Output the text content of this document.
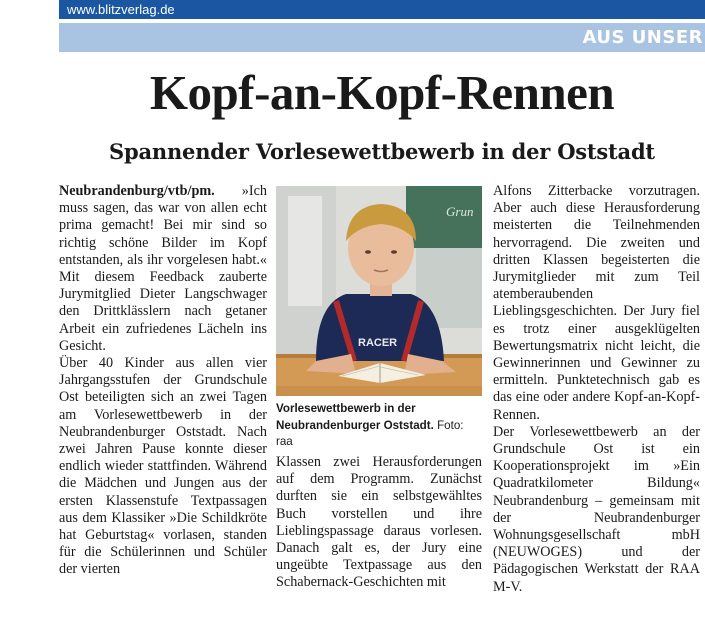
www.blitzverlag.de
AUS UNSER
Kopf-an-Kopf-Rennen
Spannender Vorlesewettbewerb in der Oststadt

Neubrandenburg/vtb/pm. »Ich muss sagen, das war von allen echt prima gemacht! Bei mir sind so richtig schöne Bilder im Kopf entstanden, als ihr vorgelesen habt.« Mit diesem Feedback zauberte Jurymitglied Dieter Langschwager den Drittklässlern nach getaner Arbeit ein zufriedenes Lächeln ins Gesicht.

Über 40 Kinder aus allen vier Jahrgangsstufen der Grundschule Ost beteiligten sich an zwei Tagen am Vorlesewettbewerb in der Neubrandenburger Oststadt. Nach zwei Jahren Pause konnte dieser endlich wieder stattfinden. Während die Mädchen und Jungen aus der ersten Klassenstufe Textpassagen aus dem Klassiker »Die Schildkröte hat Geburtstag« vorlasen, standen für die Schülerinnen und Schüler der vierten

Grun
RACER
Vorlesewettbewerb in der Neubrandenburger Oststadt. Foto: raa

Klassen zwei Herausforderungen auf dem Programm. Zunächst durften sie ein selbstgewähltes Buch vorstellen und ihre Lieblingspassage daraus vorlesen. Danach galt es, der Jury eine ungeübte Textpassage aus den Schabernack-Geschichten mit

Alfons Zitterbacke vorzutragen. Aber auch diese Herausforderung meisterten die Teilnehmenden hervorragend. Die zweiten und dritten Klassen begeisterten die Jurymitglieder mit zum Teil atemberaubenden Lieblingsgeschichten. Der Jury fiel es trotz einer ausgeklügelten Bewertungsmatrix nicht leicht, die Gewinnerinnen und Gewinner zu ermitteln. Punktetechnisch gab es das eine oder andere Kopf-an-Kopf-Rennen.

Der Vorlesewettbewerb an der Grundschule Ost ist ein Kooperationsprojekt im »Ein Quadratkilometer Bildung« Neubrandenburg – gemeinsam mit der Neubrandenburger Wohnungsgesellschaft mbH (NEUWOGES) und der Pädagogischen Werkstatt der RAA M-V.
